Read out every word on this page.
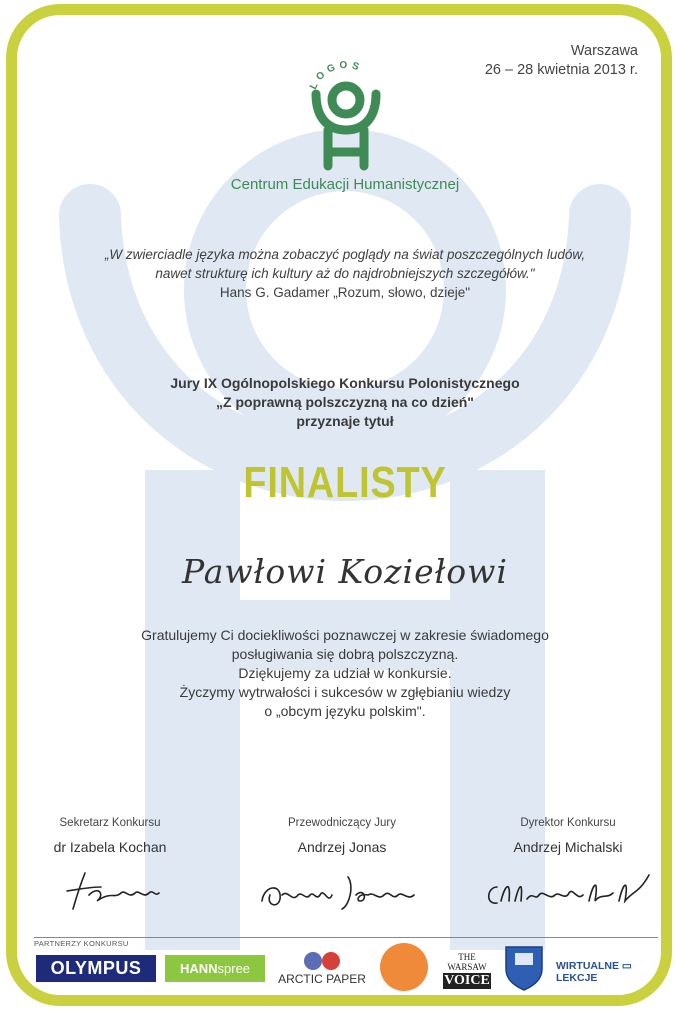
Warszawa
26 – 28 kwietnia 2013 r.
LOGOS
Centrum Edukacji Humanistycznej
„W zwierciadle języka można zobaczyć poglądy na świat poszczególnych ludów,
nawet strukturę ich kultury aż do najdrobniejszych szczegółów."
Hans G. Gadamer „Rozum, słowo, dzieje"
Jury IX Ogólnopolskiego Konkursu Polonistycznego
„Z poprawną polszczyzną na co dzień"
przyznaje tytuł
FINALISTY
Pawłowi Koziełowi
Gratulujemy Ci dociekliwości poznawczej w zakresie świadomego
posługiwania się dobrą polszczyzną.
Dziękujemy za udział w konkursie.
Życzymy wytrwałości i sukcesów w zgłębianiu wiedzy
o „obcym języku polskim".
Sekretarz Konkursu
dr Izabela Kochan
Przewodniczący Jury
Andrzej Jonas
Dyrektor Konkursu
Andrzej Michalski
PARTNERZY KONKURSU
OLYMPUS	HANNspree
ARCTIC PAPER
THE WARSAW
VOICE
WIRTUALNE ▭ LEKCJE
